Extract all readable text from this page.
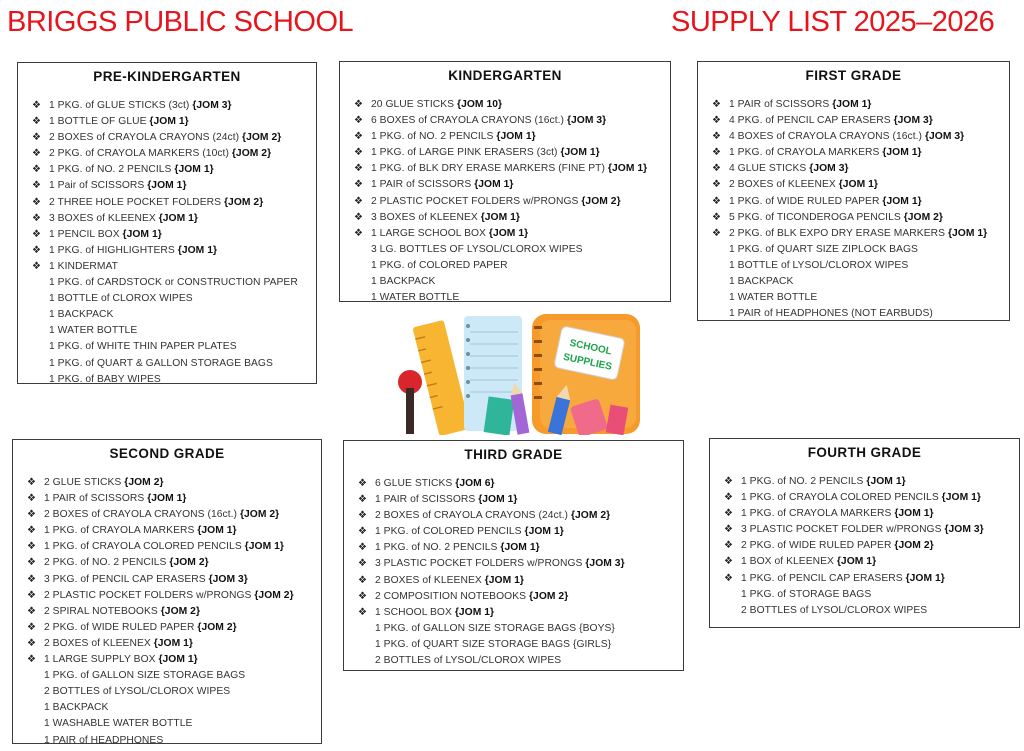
BRIGGS PUBLIC SCHOOL	SUPPLY LIST 2025–2026
PRE-KINDERGARTEN
❖ 1 PKG. of GLUE STICKS (3ct) {JOM 3}
❖ 1 BOTTLE OF GLUE {JOM 1}
❖ 2 BOXES of CRAYOLA CRAYONS (24ct) {JOM 2}
❖ 2 PKG. of CRAYOLA MARKERS (10ct) {JOM 2}
❖ 1 PKG. of NO. 2 PENCILS {JOM 1}
❖ 1 Pair of SCISSORS {JOM 1}
❖ 2 THREE HOLE POCKET FOLDERS {JOM 2}
❖ 3 BOXES of KLEENEX {JOM 1}
❖ 1 PENCIL BOX {JOM 1}
❖ 1 PKG. of HIGHLIGHTERS {JOM 1}
❖ 1 KINDERMAT
1 PKG. of CARDSTOCK or CONSTRUCTION PAPER
1 BOTTLE of CLOROX WIPES
1 BACKPACK
1 WATER BOTTLE
1 PKG. of WHITE THIN PAPER PLATES
1 PKG. of QUART & GALLON STORAGE BAGS
1 PKG. of BABY WIPES
KINDERGARTEN
❖ 20 GLUE STICKS {JOM 10}
❖ 6 BOXES of CRAYOLA CRAYONS (16ct.) {JOM 3}
❖ 1 PKG. of NO. 2 PENCILS {JOM 1}
❖ 1 PKG. of LARGE PINK ERASERS (3ct) {JOM 1}
❖ 1 PKG. of BLK DRY ERASE MARKERS (FINE PT) {JOM 1}
❖ 1 PAIR of SCISSORS {JOM 1}
❖ 2 PLASTIC POCKET FOLDERS w/PRONGS {JOM 2}
❖ 3 BOXES of KLEENEX {JOM 1}
❖ 1 LARGE SCHOOL BOX {JOM 1}
3 LG. BOTTLES OF LYSOL/CLOROX WIPES
1 PKG. of COLORED PAPER
1 BACKPACK
1 WATER BOTTLE
FIRST GRADE
❖ 1 PAIR of SCISSORS {JOM 1}
❖ 4 PKG. of PENCIL CAP ERASERS {JOM 3}
❖ 4 BOXES of CRAYOLA CRAYONS (16ct.) {JOM 3}
❖ 1 PKG. of CRAYOLA MARKERS {JOM 1}
❖ 4 GLUE STICKS {JOM 3}
❖ 2 BOXES of KLEENEX {JOM 1}
❖ 1 PKG. of WIDE RULED PAPER {JOM 1}
❖ 5 PKG. of TICONDEROGA PENCILS {JOM 2}
❖ 2 PKG. of BLK EXPO DRY ERASE MARKERS {JOM 1}
1 PKG. of QUART SIZE ZIPLOCK BAGS
1 BOTTLE of LYSOL/CLOROX WIPES
1 BACKPACK
1 WATER BOTTLE
1 PAIR of HEADPHONES (NOT EARBUDS)
SECOND GRADE
❖ 2 GLUE STICKS {JOM 2}
❖ 1 PAIR of SCISSORS {JOM 1}
❖ 2 BOXES of CRAYOLA CRAYONS (16ct.) {JOM 2}
❖ 1 PKG. of CRAYOLA MARKERS {JOM 1}
❖ 1 PKG. of CRAYOLA COLORED PENCILS {JOM 1}
❖ 2 PKG. of NO. 2 PENCILS {JOM 2}
❖ 3 PKG. of PENCIL CAP ERASERS {JOM 3}
❖ 2 PLASTIC POCKET FOLDERS w/PRONGS {JOM 2}
❖ 2 SPIRAL NOTEBOOKS {JOM 2}
❖ 2 PKG. of WIDE RULED PAPER {JOM 2}
❖ 2 BOXES of KLEENEX {JOM 1}
❖ 1 LARGE SUPPLY BOX {JOM 1}
1 PKG. of GALLON SIZE STORAGE BAGS
2 BOTTLES of LYSOL/CLOROX WIPES
1 BACKPACK
1 WASHABLE WATER BOTTLE
1 PAIR of HEADPHONES
THIRD GRADE
❖ 6 GLUE STICKS {JOM 6}
❖ 1 PAIR of SCISSORS {JOM 1}
❖ 2 BOXES of CRAYOLA CRAYONS (24ct.) {JOM 2}
❖ 1 PKG. of COLORED PENCILS {JOM 1}
❖ 1 PKG. of NO. 2 PENCILS {JOM 1}
❖ 3 PLASTIC POCKET FOLDERS w/PRONGS {JOM 3}
❖ 2 BOXES of KLEENEX {JOM 1}
❖ 2 COMPOSITION NOTEBOOKS {JOM 2}
❖ 1 SCHOOL BOX {JOM 1}
1 PKG. of GALLON SIZE STORAGE BAGS {BOYS}
1 PKG. of QUART SIZE STORAGE BAGS {GIRLS}
2 BOTTLES of LYSOL/CLOROX WIPES
FOURTH GRADE
❖ 1 PKG. of NO. 2 PENCILS {JOM 1}
❖ 1 PKG. of CRAYOLA COLORED PENCILS {JOM 1}
❖ 1 PKG. of CRAYOLA MARKERS {JOM 1}
❖ 3 PLASTIC POCKET FOLDER w/PRONGS {JOM 3}
❖ 2 PKG. of WIDE RULED PAPER {JOM 2}
❖ 1 BOX of KLEENEX {JOM 1}
❖ 1 PKG. of PENCIL CAP ERASERS {JOM 1}
1 PKG. of STORAGE BAGS
2 BOTTLES of LYSOL/CLOROX WIPES
SCHOOL
SUPPLIES
